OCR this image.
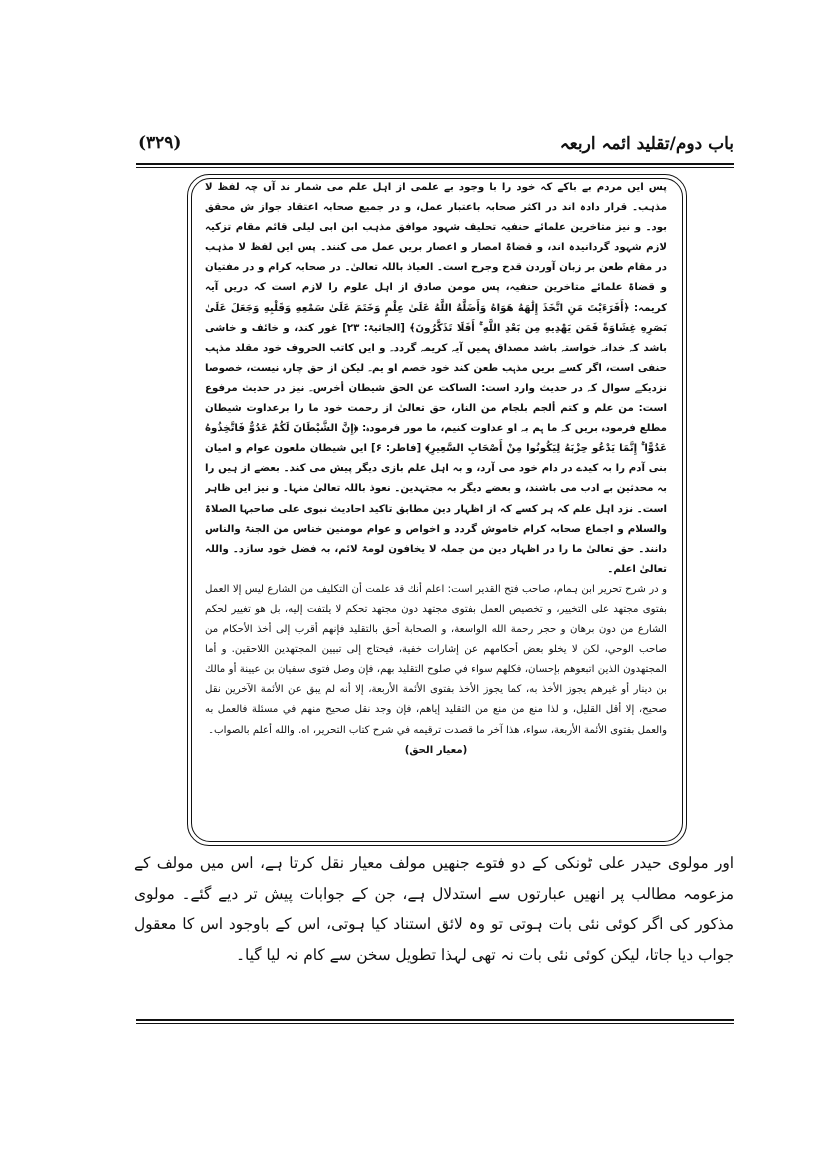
باب دوم/تقلید ائمہ اربعہ
(۳۲۹)

پس ایں مردم بے باکے کہ خود را با وجود بے علمی از اہل علم می شمار ند آں چہ لفظ لا مذہب۔ قرار دادہ اند در اکثر صحابہ باعتبار عمل، و در جمیع صحابہ اعتقاد جواز ش محقق بود۔ و نیز متاخرین علمائے حنفیہ تحلیف شہود موافق مذہب ابن ابی لیلی قائم مقام تزکیہ لازم شہود گردانیدہ اند، و قضاۃ امصار و اعصار بریں عمل می کنند۔ پس ایں لفظ لا مذہب در مقام طعن بر زبان آوردن قدح وجرح است۔ العیاذ باللہ تعالیٰ۔ در صحابہ کرام و در مفتیان و قضاۃ علمائے متاخرین حنفیہ، پس مومن صادق از اہل علوم را لازم است کہ دریں آیہ کریمہ: ﴿أَفَرَءَيْتَ مَنِ اتَّخَذَ إِلَٰهَهُ هَوَاهُ وَأَضَلَّهُ اللَّهُ عَلَىٰ عِلْمٍ وَخَتَمَ عَلَىٰ سَمْعِهِ وَقَلْبِهِ وَجَعَلَ عَلَىٰ بَصَرِهِ غِشَاوَةً فَمَن يَهْدِيهِ مِن بَعْدِ اللَّهِ ۚ أَفَلَا تَذَكَّرُونَ﴾ [الجاثیۃ: ۲۳] غور کند، و خائف و خاشی باشد کہ خدانہ خواستہ باشد مصداق ہمیں آیہ کریمہ گردد۔ و ایں کاتب الحروف خود مقلد مذہب حنفی است، اگر کسے بریں مذہب طعن کند خود خصم او یم۔ لیکن از حق چارہ نیست، خصوصا نزدیکے سوال کہ در حدیث وارد است: الساکت عن الحق شیطان أخرس۔ نیز در حدیث مرفوع است: من علم و کتم ألجم بلجام من النار، حق تعالیٰ از رحمت خود ما را برعداوت شیطان مطلع فرمودہ بریں کہ ما ہم بہ او عداوت کنیم، ما مور فرمودہ: ﴿إِنَّ الشَّيْطَانَ لَكُمْ عَدُوٌّ فَاتَّخِذُوهُ عَدُوًّا ۚ إِنَّمَا يَدْعُو حِزْبَهُ لِيَكُونُوا مِنْ أَصْحَابِ السَّعِيرِ﴾ [فاطر: ۶] ایں شیطان ملعون عوام و امیان بنی آدم را بہ کیدے در دام خود می آرد، و بہ اہل علم بازی دیگر پیش می کند۔ بعضے از ہیں را بہ محدثین بے ادب می باشند، و بعضے دیگر بہ مجتہدین۔ نعوذ باللہ تعالیٰ منہا۔ و نیز ایں ظاہر است۔ نزد اہل علم کہ ہر کسے کہ از اظہار دین مطابق تاکید احادیث نبوی علی صاحبہا الصلاۃ والسلام و اجماع صحابہ کرام خاموش گردد و اخواص و عوام مومنین خناس من الجنۃ والناس دانند۔ حق تعالیٰ ما را در اظہار دین من جملہ لا یخافون لومۃ لائم، بہ فضل خود سازد۔ واللہ تعالیٰ اعلم۔

و در شرح تحریر ابن ہمام، صاحب فتح القدیر است: اعلم أنك قد علمت أن التكليف من الشارع ليس إلا العمل بفتوى مجتهد على التخيير، و تخصيص العمل بفتوى مجتهد دون مجتهد تحكم لا يلتفت إليه، بل هو تغيير لحكم الشارع من دون برهان و حجر رحمة الله الواسعة، و الصحابة أحق بالتقليد فإنهم أقرب إلى أخذ الأحكام من صاحب الوحي، لكن لا يخلو بعض أحكامهم عن إشارات خفية، فيحتاج إلى تبيين المجتهدين اللاحقين. و أما المجتهدون الذين اتبعوهم بإحسان، فكلهم سواء في صلوح التقليد بهم، فإن وصل فتوى سفيان بن عيينة أو مالك بن دينار أو غيرهم يجوز الأخذ به، كما يجوز الأخذ بفتوى الأئمة الأربعة، إلا أنه لم يبق عن الأئمة الآخرين نقل صحيح، إلا أقل القليل، و لذا منع من منع من التقليد إياهم، فإن وجد نقل صحيح منهم في مسئلة فالعمل به والعمل بفتوى الأئمة الأربعة، سواء، هذا آخر ما قصدت ترقيمه في شرح كتاب التحرير، اه. والله أعلم بالصواب۔

(معیار الحق)

اور مولوی حیدر علی ٹونکی کے دو فتوے جنھیں مولف معیار نقل کرتا ہے، اس میں مولف کے مزعومہ مطالب پر انھیں عبارتوں سے استدلال ہے، جن کے جوابات پیش تر دیے گئے۔ مولوی مذکور کی اگر کوئی نئی بات ہوتی تو وہ لائق استناد کیا ہوتی، اس کے باوجود اس کا معقول جواب دیا جاتا، لیکن کوئی نئی بات نہ تھی لہذا تطویل سخن سے کام نہ لیا گیا۔
